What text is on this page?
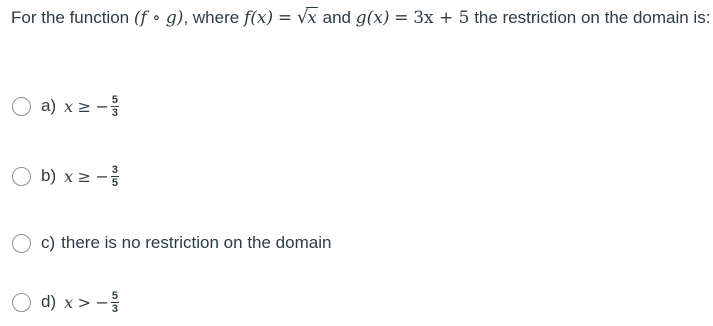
For the function (f ∘ g), where f(x) = √x and g(x) = 3x + 5 the restriction on the domain is:
a) x
≥
− $\frac{5}{3}$
b) x
≥
− $\frac{3}{5}$
c) there is no restriction on the domain
d) x
>
− $\frac{5}{3}$
